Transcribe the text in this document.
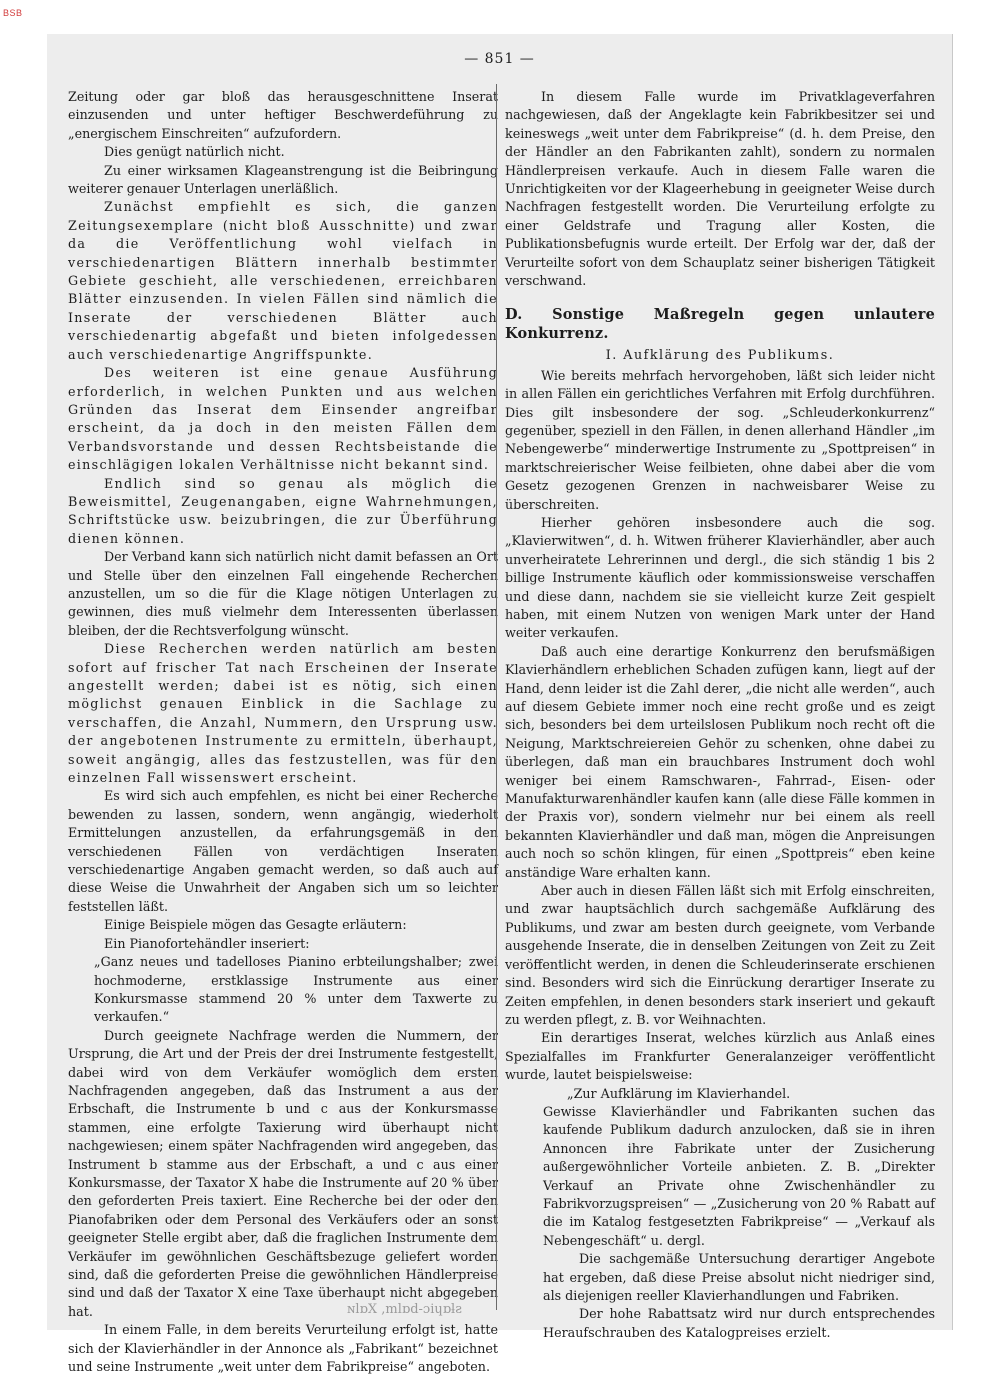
BSB
— 851 —

Zeitung oder gar bloß das herausgeschnittene Inserat einzusenden und unter heftiger Beschwerdeführung zu „energischem Einschreiten“ aufzufordern.

Dies genügt natürlich nicht.

Zu einer wirksamen Klageanstrengung ist die Beibringung weiterer genauer Unterlagen unerläßlich.

Zunächst empfiehlt es sich, die ganzen Zeitungsexemplare (nicht bloß Ausschnitte) und zwar da die Veröffentlichung wohl vielfach in verschiedenartigen Blättern innerhalb bestimmter Gebiete geschieht, alle verschiedenen, erreichbaren Blätter einzusenden. In vielen Fällen sind nämlich die Inserate der verschiedenen Blätter auch verschiedenartig abgefaßt und bieten infolgedessen auch verschiedenartige Angriffspunkte.

Des weiteren ist eine genaue Ausführung erforderlich, in welchen Punkten und aus welchen Gründen das Inserat dem Einsender angreifbar erscheint, da ja doch in den meisten Fällen dem Verbandsvorstande und dessen Rechtsbeistande die einschlägigen lokalen Verhältnisse nicht bekannt sind.

Endlich sind so genau als möglich die Beweismittel, Zeugenangaben, eigne Wahrnehmungen, Schriftstücke usw. beizubringen, die zur Überführung dienen können.

Der Verband kann sich natürlich nicht damit befassen an Ort und Stelle über den einzelnen Fall eingehende Recherchen anzustellen, um so die für die Klage nötigen Unterlagen zu gewinnen, dies muß vielmehr dem Interessenten überlassen bleiben, der die Rechtsverfolgung wünscht.

Diese Recherchen werden natürlich am besten sofort auf frischer Tat nach Erscheinen der Inserate angestellt werden; dabei ist es nötig, sich einen möglichst genauen Einblick in die Sachlage zu verschaffen, die Anzahl, Nummern, den Ursprung usw. der angebotenen Instrumente zu ermitteln, überhaupt, soweit angängig, alles das festzustellen, was für den einzelnen Fall wissenswert erscheint.

Es wird sich auch empfehlen, es nicht bei einer Recherche bewenden zu lassen, sondern, wenn angängig, wiederholt Ermittelungen anzustellen, da erfahrungsgemäß in den verschiedenen Fällen von verdächtigen Inseraten verschiedenartige Angaben gemacht werden, so daß auch auf diese Weise die Unwahrheit der Angaben sich um so leichter feststellen läßt.

Einige Beispiele mögen das Gesagte erläutern:

Ein Pianofortehändler inseriert:

„Ganz neues und tadelloses Pianino erbteilungshalber; zwei hochmoderne, erstklassige Instrumente aus einer Konkursmasse stammend 20 % unter dem Taxwerte zu verkaufen.“

Durch geeignete Nachfrage werden die Nummern, der Ursprung, die Art und der Preis der drei Instrumente festgestellt, dabei wird von dem Verkäufer womöglich dem ersten Nachfragenden angegeben, daß das Instrument a aus der Erbschaft, die Instrumente b und c aus der Konkursmasse stammen, eine erfolgte Taxierung wird überhaupt nicht nachgewiesen; einem später Nachfragenden wird angegeben, das Instrument b stamme aus der Erbschaft, a und c aus einer Konkursmasse, der Taxator X habe die Instrumente auf 20 % über den geforderten Preis taxiert. Eine Recherche bei der oder den Pianofabriken oder dem Personal des Verkäufers oder an sonst geeigneter Stelle ergibt aber, daß die fraglichen Instrumente dem Verkäufer im gewöhnlichen Geschäftsbezuge geliefert worden sind, daß die geforderten Preise die gewöhnlichen Händlerpreise sind und daß der Taxator X eine Taxe überhaupt nicht abgegeben hat.

In einem Falle, in dem bereits Verurteilung erfolgt ist, hatte sich der Klavierhändler in der Annonce als „Fabrikant“ bezeichnet und seine Instrumente „weit unter dem Fabrikpreise“ angeboten.

In diesem Falle wurde im Privatklageverfahren nachgewiesen, daß der Angeklagte kein Fabrikbesitzer sei und keineswegs „weit unter dem Fabrikpreise“ (d. h. dem Preise, den der Händler an den Fabrikanten zahlt), sondern zu normalen Händlerpreisen verkaufe. Auch in diesem Falle waren die Unrichtigkeiten vor der Klageerhebung in geeigneter Weise durch Nachfragen festgestellt worden. Die Verurteilung erfolgte zu einer Geldstrafe und Tragung aller Kosten, die Publikationsbefugnis wurde erteilt. Der Erfolg war der, daß der Verurteilte sofort von dem Schauplatz seiner bisherigen Tätigkeit verschwand.

D. Sonstige Maßregeln gegen unlautere Konkurrenz.

I. Aufklärung des Publikums.

Wie bereits mehrfach hervorgehoben, läßt sich leider nicht in allen Fällen ein gerichtliches Verfahren mit Erfolg durchführen. Dies gilt insbesondere der sog. „Schleuderkonkurrenz“ gegenüber, speziell in den Fällen, in denen allerhand Händler „im Nebengewerbe“ minderwertige Instrumente zu „Spottpreisen“ in marktschreierischer Weise feilbieten, ohne dabei aber die vom Gesetz gezogenen Grenzen in nachweisbarer Weise zu überschreiten.

Hierher gehören insbesondere auch die sog. „Klavierwitwen“, d. h. Witwen früherer Klavierhändler, aber auch unverheiratete Lehrerinnen und dergl., die sich ständig 1 bis 2 billige Instrumente käuflich oder kommissionsweise verschaffen und diese dann, nachdem sie sie vielleicht kurze Zeit gespielt haben, mit einem Nutzen von wenigen Mark unter der Hand weiter verkaufen.

Daß auch eine derartige Konkurrenz den berufsmäßigen Klavierhändlern erheblichen Schaden zufügen kann, liegt auf der Hand, denn leider ist die Zahl derer, „die nicht alle werden“, auch auf diesem Gebiete immer noch eine recht große und es zeigt sich, besonders bei dem urteilslosen Publikum noch recht oft die Neigung, Marktschreiereien Gehör zu schenken, ohne dabei zu überlegen, daß man ein brauchbares Instrument doch wohl weniger bei einem Ramschwaren-, Fahrrad-, Eisen- oder Manufakturwarenhändler kaufen kann (alle diese Fälle kommen in der Praxis vor), sondern vielmehr nur bei einem als reell bekannten Klavierhändler und daß man, mögen die Anpreisungen auch noch so schön klingen, für einen „Spottpreis“ eben keine anständige Ware erhalten kann.

Aber auch in diesen Fällen läßt sich mit Erfolg einschreiten, und zwar hauptsächlich durch sachgemäße Aufklärung des Publikums, und zwar am besten durch geeignete, vom Verbande ausgehende Inserate, die in denselben Zeitungen von Zeit zu Zeit veröffentlicht werden, in denen die Schleuderinserate erschienen sind. Besonders wird sich die Einrückung derartiger Inserate zu Zeiten empfehlen, in denen besonders stark inseriert und gekauft zu werden pflegt, z. B. vor Weihnachten.

Ein derartiges Inserat, welches kürzlich aus Anlaß eines Spezialfalles im Frankfurter Generalanzeiger veröffentlicht wurde, lautet beispielsweise:

„Zur Aufklärung im Klavierhandel.

Gewisse Klavierhändler und Fabrikanten suchen das kaufende Publikum dadurch anzulocken, daß sie in ihren Annoncen ihre Fabrikate unter der Zusicherung außergewöhnlicher Vorteile anbieten. Z. B. „Direkter Verkauf an Private ohne Zwischenhändler zu Fabrikvorzugspreisen“ — „Zusicherung von 20 % Rabatt auf die im Katalog festgesetzten Fabrikpreise“ — „Verkauf als Nebengeschäft“ u. dergl.

Die sachgemäße Untersuchung derartiger Angebote hat ergeben, daß diese Preise absolut nicht niedriger sind, als diejenigen reeller Klavierhandlungen und Fabriken.

Der hohe Rabattsatz wird nur durch entsprechendes Heraufschrauben des Katalogpreises erzielt.

ɴlɒX ,mlɒd-ɔiɥɒƚƨ
